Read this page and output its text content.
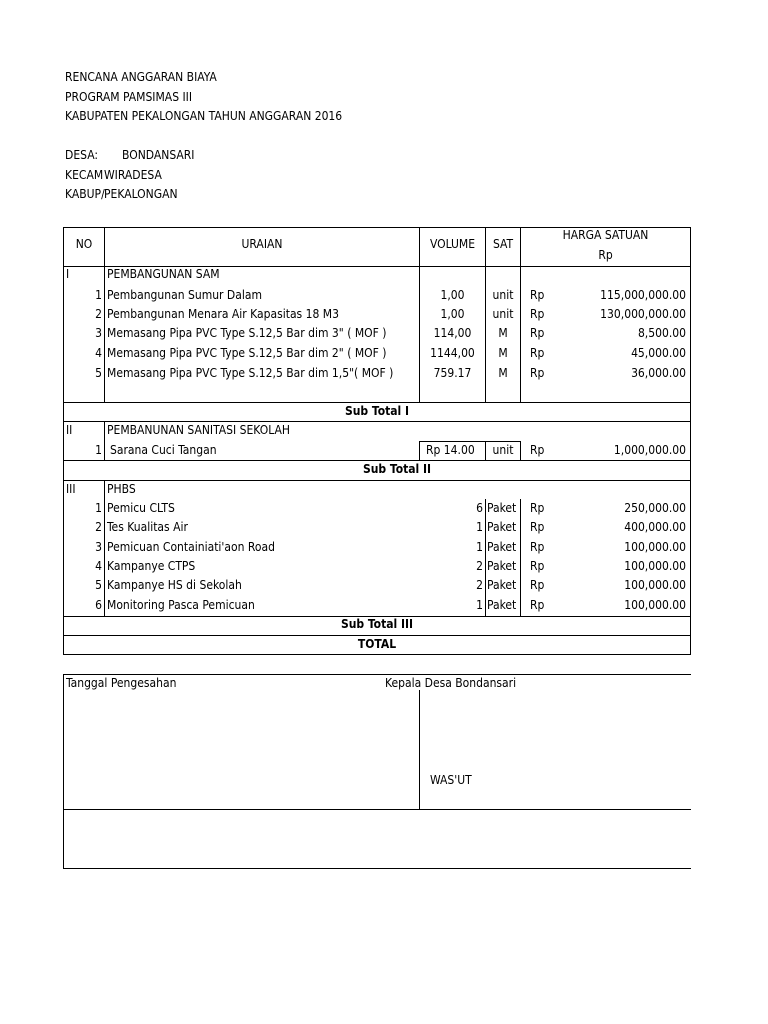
RENCANA ANGGARAN BIAYA
PROGRAM PAMSIMAS III
KABUPATEN PEKALONGAN TAHUN ANGGARAN 2016
DESA: BONDANSARI
KECAM WIRADESA
KABUP/ PEKALONGAN
NO	URAIAN	VOLUME	SAT
HARGA SATUAN
Rp
I	PEMBANGUNAN SAM
1 Pembangunan Sumur Dalam	1,00	unit	Rp	115,000,000.00
2 Pembangunan Menara Air Kapasitas 18 M3	1,00	unit	Rp	130,000,000.00
3 Memasang Pipa PVC Type S.12,5 Bar dim 3" ( MOF )	114,00	M	Rp	8,500.00
4 Memasang Pipa PVC Type S.12,5 Bar dim 2" ( MOF )	1144,00	M	Rp	45,000.00
5 Memasang Pipa PVC Type S.12,5 Bar dim 1,5"( MOF )	759.17	M	Rp	36,000.00
Sub Total I
II	PEMBANUNAN SANITASI SEKOLAH
1 Sarana Cuci Tangan	Rp 14.00	unit	Rp	1,000,000.00
Sub Total II
III	PHBS
1 Pemicu CLTS	6 Paket Rp	250,000.00
2 Tes Kualitas Air	1 Paket Rp	400,000.00
3 Pemicuan Containiati'aon Road	1 Paket Rp	100,000.00
4 Kampanye CTPS	2 Paket Rp	100,000.00
5 Kampanye HS di Sekolah	2 Paket Rp	100,000.00
6 Monitoring Pasca Pemicuan	1 Paket Rp	100,000.00
Sub Total III
TOTAL
Tanggal Pengesahan	Kepala Desa Bondansari
WAS'UT
